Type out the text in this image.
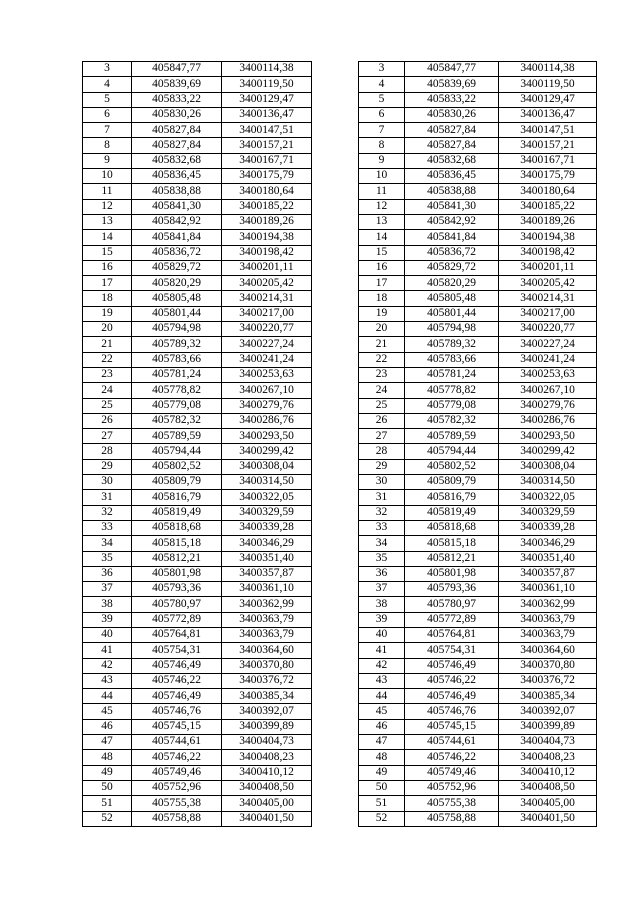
3	405847,77	3400114,38		3	405847,77	3400114,38
4	405839,69	3400119,50		4	405839,69	3400119,50
5	405833,22	3400129,47		5	405833,22	3400129,47
6	405830,26	3400136,47		6	405830,26	3400136,47
7	405827,84	3400147,51		7	405827,84	3400147,51
8	405827,84	3400157,21		8	405827,84	3400157,21
9	405832,68	3400167,71		9	405832,68	3400167,71
10	405836,45	3400175,79		10	405836,45	3400175,79
11	405838,88	3400180,64		11	405838,88	3400180,64
12	405841,30	3400185,22		12	405841,30	3400185,22
13	405842,92	3400189,26		13	405842,92	3400189,26
14	405841,84	3400194,38		14	405841,84	3400194,38
15	405836,72	3400198,42		15	405836,72	3400198,42
16	405829,72	3400201,11		16	405829,72	3400201,11
17	405820,29	3400205,42		17	405820,29	3400205,42
18	405805,48	3400214,31		18	405805,48	3400214,31
19	405801,44	3400217,00		19	405801,44	3400217,00
20	405794,98	3400220,77		20	405794,98	3400220,77
21	405789,32	3400227,24		21	405789,32	3400227,24
22	405783,66	3400241,24		22	405783,66	3400241,24
23	405781,24	3400253,63		23	405781,24	3400253,63
24	405778,82	3400267,10		24	405778,82	3400267,10
25	405779,08	3400279,76		25	405779,08	3400279,76
26	405782,32	3400286,76		26	405782,32	3400286,76
27	405789,59	3400293,50		27	405789,59	3400293,50
28	405794,44	3400299,42		28	405794,44	3400299,42
29	405802,52	3400308,04		29	405802,52	3400308,04
30	405809,79	3400314,50		30	405809,79	3400314,50
31	405816,79	3400322,05		31	405816,79	3400322,05
32	405819,49	3400329,59		32	405819,49	3400329,59
33	405818,68	3400339,28		33	405818,68	3400339,28
34	405815,18	3400346,29		34	405815,18	3400346,29
35	405812,21	3400351,40		35	405812,21	3400351,40
36	405801,98	3400357,87		36	405801,98	3400357,87
37	405793,36	3400361,10		37	405793,36	3400361,10
38	405780,97	3400362,99		38	405780,97	3400362,99
39	405772,89	3400363,79		39	405772,89	3400363,79
40	405764,81	3400363,79		40	405764,81	3400363,79
41	405754,31	3400364,60		41	405754,31	3400364,60
42	405746,49	3400370,80		42	405746,49	3400370,80
43	405746,22	3400376,72		43	405746,22	3400376,72
44	405746,49	3400385,34		44	405746,49	3400385,34
45	405746,76	3400392,07		45	405746,76	3400392,07
46	405745,15	3400399,89		46	405745,15	3400399,89
47	405744,61	3400404,73		47	405744,61	3400404,73
48	405746,22	3400408,23		48	405746,22	3400408,23
49	405749,46	3400410,12		49	405749,46	3400410,12
50	405752,96	3400408,50		50	405752,96	3400408,50
51	405755,38	3400405,00		51	405755,38	3400405,00
52	405758,88	3400401,50		52	405758,88	3400401,50
